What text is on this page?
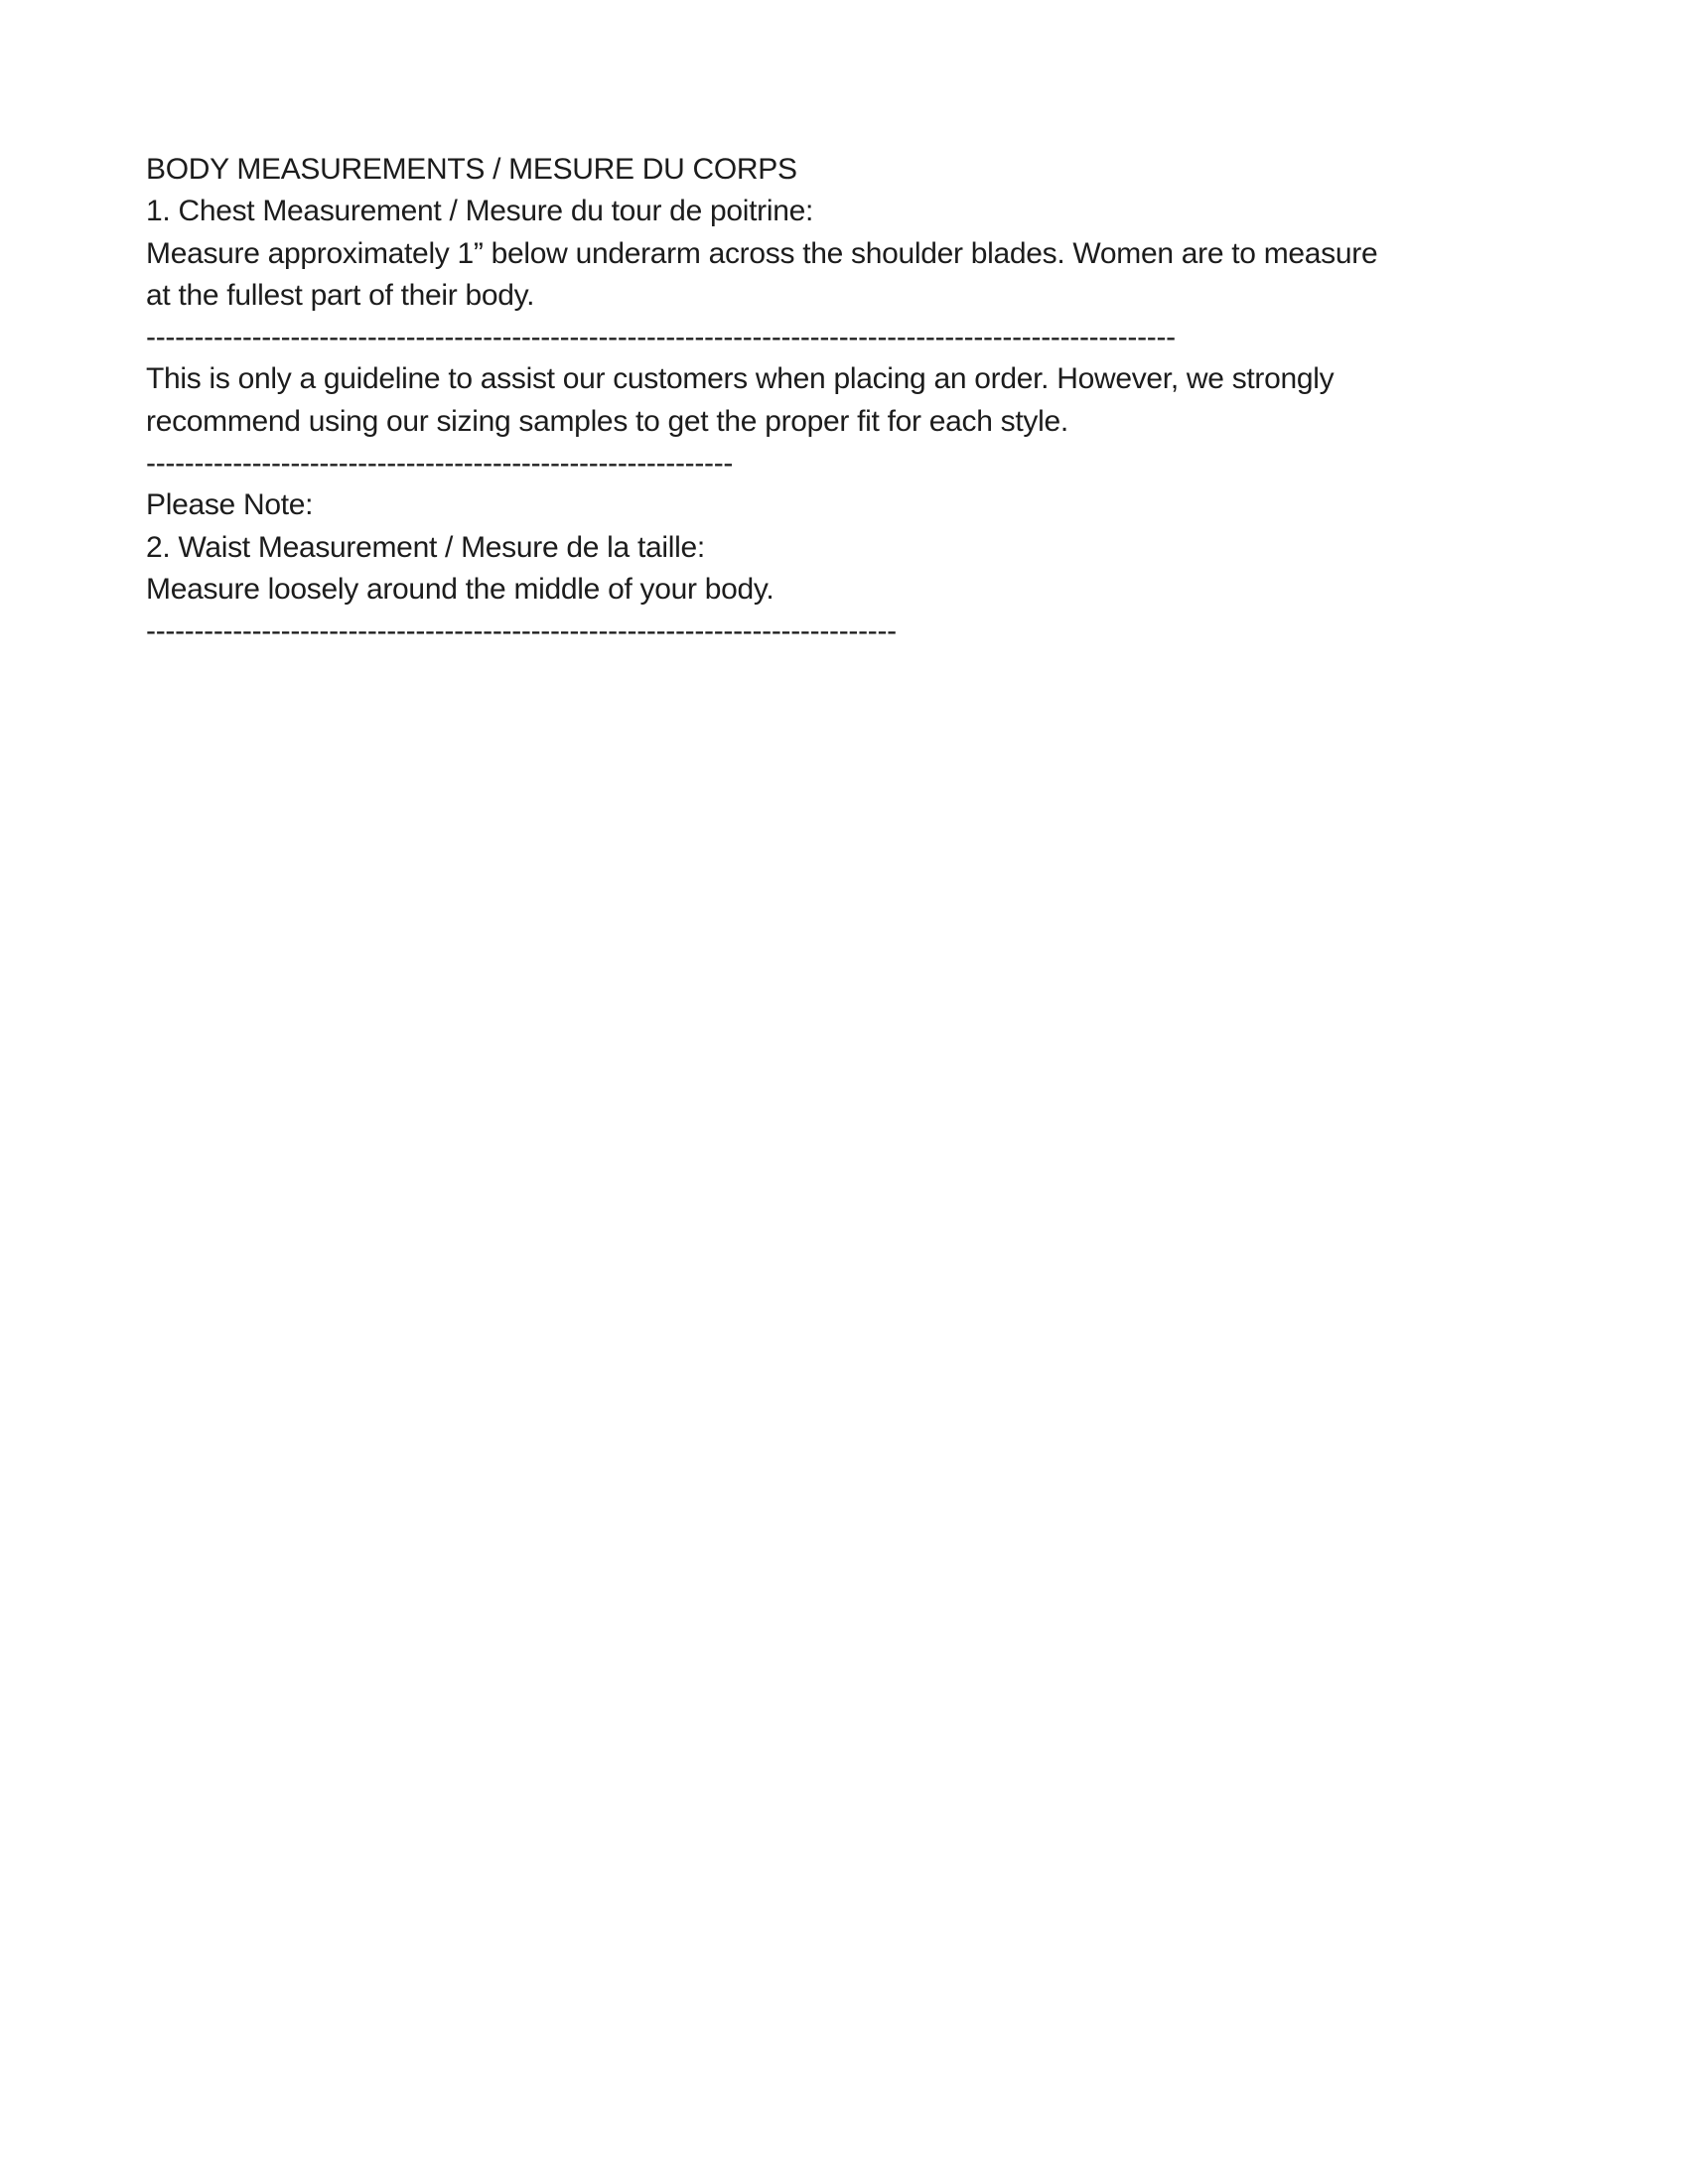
BODY MEASUREMENTS / MESURE DU CORPS
1. Chest Measurement / Mesure du tour de poitrine:
Measure approximately 1” below underarm across the shoulder blades. Women are to measure
at the fullest part of their body.
-----------------------------------------------------------------------------------------------------------
This is only a guideline to assist our customers when placing an order. However, we strongly
recommend using our sizing samples to get the proper fit for each style.
-------------------------------------------------------------
Please Note:
2. Waist Measurement / Mesure de la taille:
Measure loosely around the middle of your body.
------------------------------------------------------------------------------
